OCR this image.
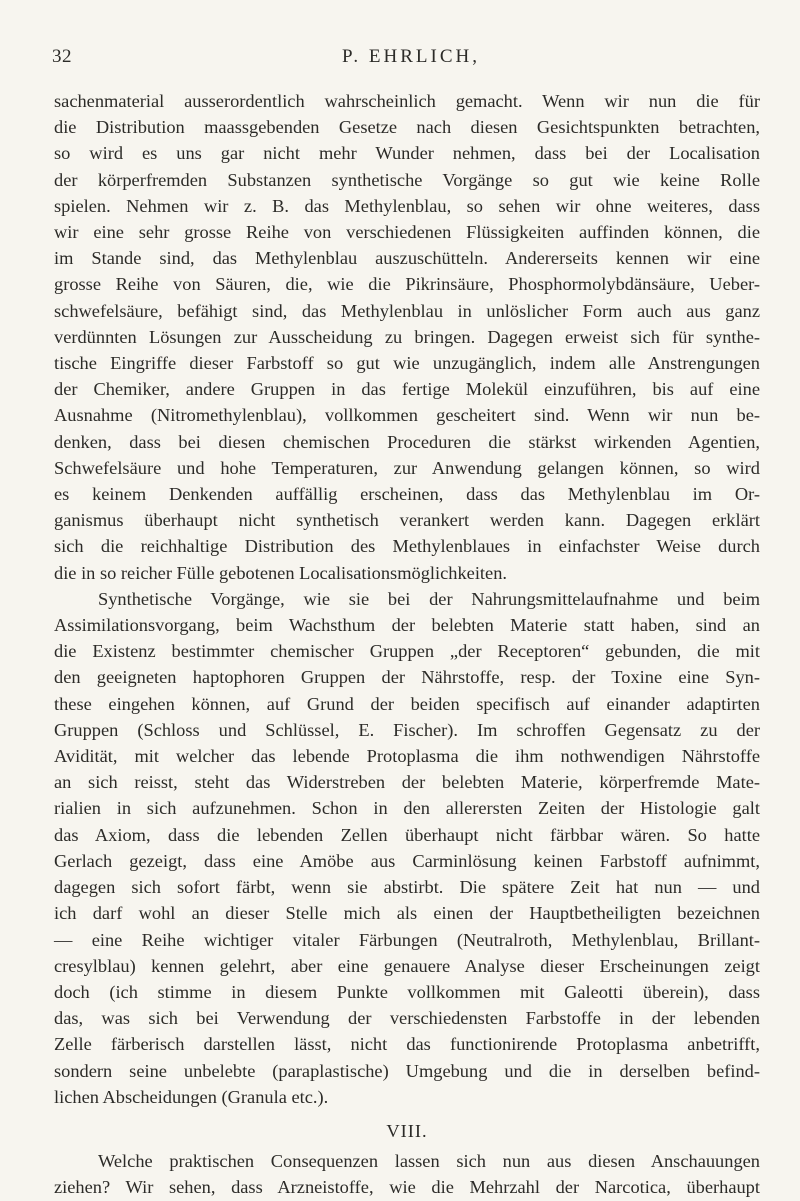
32	P. EHRLICH,
sachenmaterial ausserordentlich wahrscheinlich gemacht. Wenn wir nun die für
die Distribution maassgebenden Gesetze nach diesen Gesichtspunkten betrachten,
so wird es uns gar nicht mehr Wunder nehmen, dass bei der Localisation
der körperfremden Substanzen synthetische Vorgänge so gut wie keine Rolle
spielen. Nehmen wir z. B. das Methylenblau, so sehen wir ohne weiteres, dass
wir eine sehr grosse Reihe von verschiedenen Flüssigkeiten auffinden können, die
im Stande sind, das Methylenblau auszuschütteln. Andererseits kennen wir eine
grosse Reihe von Säuren, die, wie die Pikrinsäure, Phosphormolybdänsäure, Ueber-
schwefelsäure, befähigt sind, das Methylenblau in unlöslicher Form auch aus ganz
verdünnten Lösungen zur Ausscheidung zu bringen. Dagegen erweist sich für synthe-
tische Eingriffe dieser Farbstoff so gut wie unzugänglich, indem alle Anstrengungen
der Chemiker, andere Gruppen in das fertige Molekül einzuführen, bis auf eine
Ausnahme (Nitromethylenblau), vollkommen gescheitert sind. Wenn wir nun be-
denken, dass bei diesen chemischen Proceduren die stärkst wirkenden Agentien,
Schwefelsäure und hohe Temperaturen, zur Anwendung gelangen können, so wird
es keinem Denkenden auffällig erscheinen, dass das Methylenblau im Or-
ganismus überhaupt nicht synthetisch verankert werden kann. Dagegen erklärt
sich die reichhaltige Distribution des Methylenblaues in einfachster Weise durch
die in so reicher Fülle gebotenen Localisationsmöglichkeiten.
Synthetische Vorgänge, wie sie bei der Nahrungsmittelaufnahme und beim
Assimilationsvorgang, beim Wachsthum der belebten Materie statt haben, sind an
die Existenz bestimmter chemischer Gruppen „der Receptoren“ gebunden, die mit
den geeigneten haptophoren Gruppen der Nährstoffe, resp. der Toxine eine Syn-
these eingehen können, auf Grund der beiden specifisch auf einander adaptirten
Gruppen (Schloss und Schlüssel, E. Fischer). Im schroffen Gegensatz zu der
Avidität, mit welcher das lebende Protoplasma die ihm nothwendigen Nährstoffe
an sich reisst, steht das Widerstreben der belebten Materie, körperfremde Mate-
rialien in sich aufzunehmen. Schon in den allerersten Zeiten der Histologie galt
das Axiom, dass die lebenden Zellen überhaupt nicht färbbar wären. So hatte
Gerlach gezeigt, dass eine Amöbe aus Carminlösung keinen Farbstoff aufnimmt,
dagegen sich sofort färbt, wenn sie abstirbt. Die spätere Zeit hat nun — und
ich darf wohl an dieser Stelle mich als einen der Hauptbetheiligten bezeichnen
— eine Reihe wichtiger vitaler Färbungen (Neutralroth, Methylenblau, Brillant-
cresylblau) kennen gelehrt, aber eine genauere Analyse dieser Erscheinungen zeigt
doch (ich stimme in diesem Punkte vollkommen mit Galeotti überein), dass
das, was sich bei Verwendung der verschiedensten Farbstoffe in der lebenden
Zelle färberisch darstellen lässt, nicht das functionirende Protoplasma anbetrifft,
sondern seine unbelebte (paraplastische) Umgebung und die in derselben befind-
lichen Abscheidungen (Granula etc.).
VIII.
Welche praktischen Consequenzen lassen sich nun aus diesen Anschauungen
ziehen? Wir sehen, dass Arzneistoffe, wie die Mehrzahl der Narcotica, überhaupt
